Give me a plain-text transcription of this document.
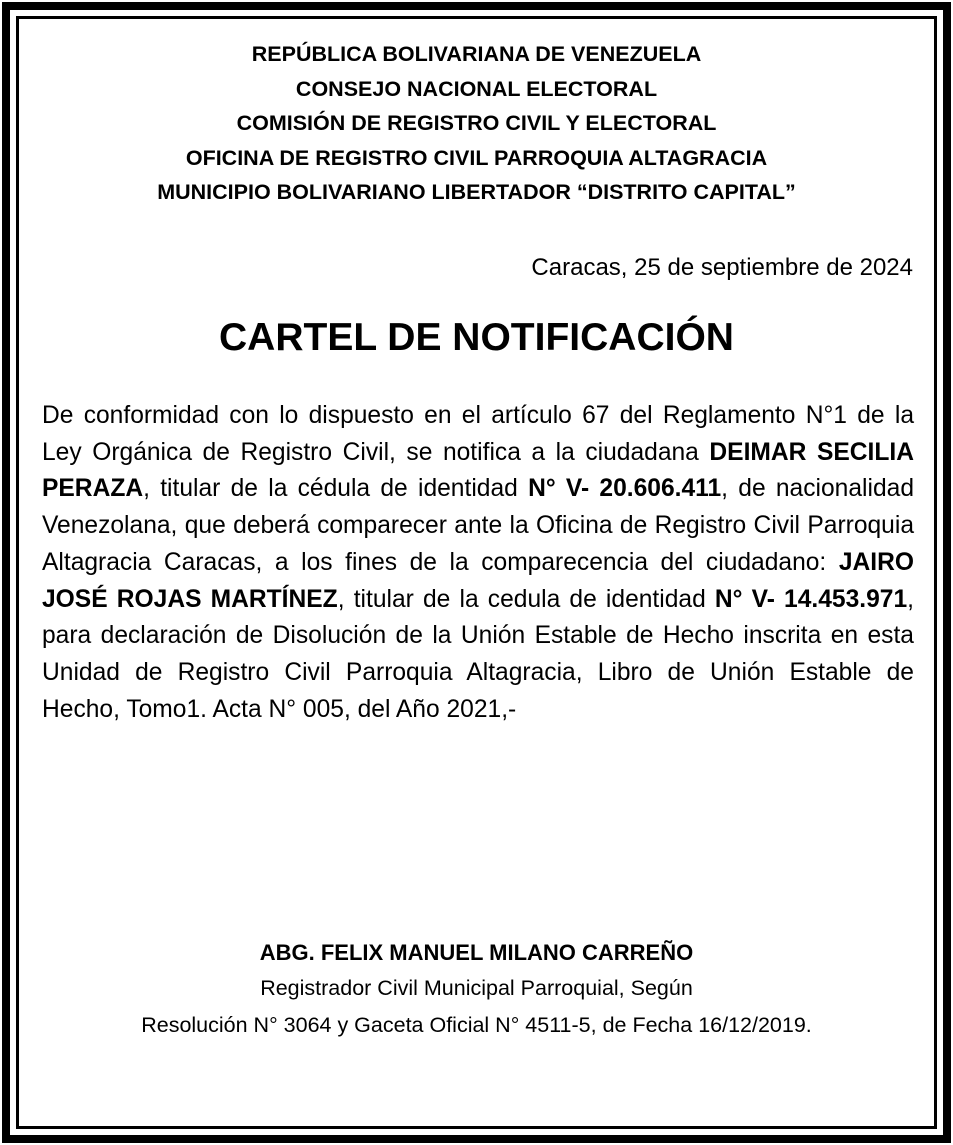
REPÚBLICA BOLIVARIANA DE VENEZUELA
CONSEJO NACIONAL ELECTORAL
COMISIÓN DE REGISTRO CIVIL Y ELECTORAL
OFICINA DE REGISTRO CIVIL PARROQUIA ALTAGRACIA
MUNICIPIO BOLIVARIANO LIBERTADOR “DISTRITO CAPITAL”
Caracas, 25 de septiembre de 2024
CARTEL DE NOTIFICACIÓN
De conformidad con lo dispuesto en el artículo 67 del Reglamento N°1 de la Ley Orgánica de Registro Civil, se notifica a la ciudadana DEIMAR SECILIA PERAZA, titular de la cédula de identidad N° V- 20.606.411, de nacionalidad Venezolana, que deberá comparecer ante la Oficina de Registro Civil Parroquia Altagracia Caracas, a los fines de la comparecencia del ciudadano: JAIRO JOSÉ ROJAS MARTÍNEZ, titular de la cedula de identidad N° V- 14.453.971, para declaración de Disolución de la Unión Estable de Hecho inscrita en esta Unidad de Registro Civil Parroquia Altagracia, Libro de Unión Estable de Hecho, Tomo1. Acta N° 005, del Año 2021,-
ABG. FELIX MANUEL MILANO CARREÑO
Registrador Civil Municipal Parroquial, Según
Resolución N° 3064 y Gaceta Oficial N° 4511-5, de Fecha 16/12/2019.
